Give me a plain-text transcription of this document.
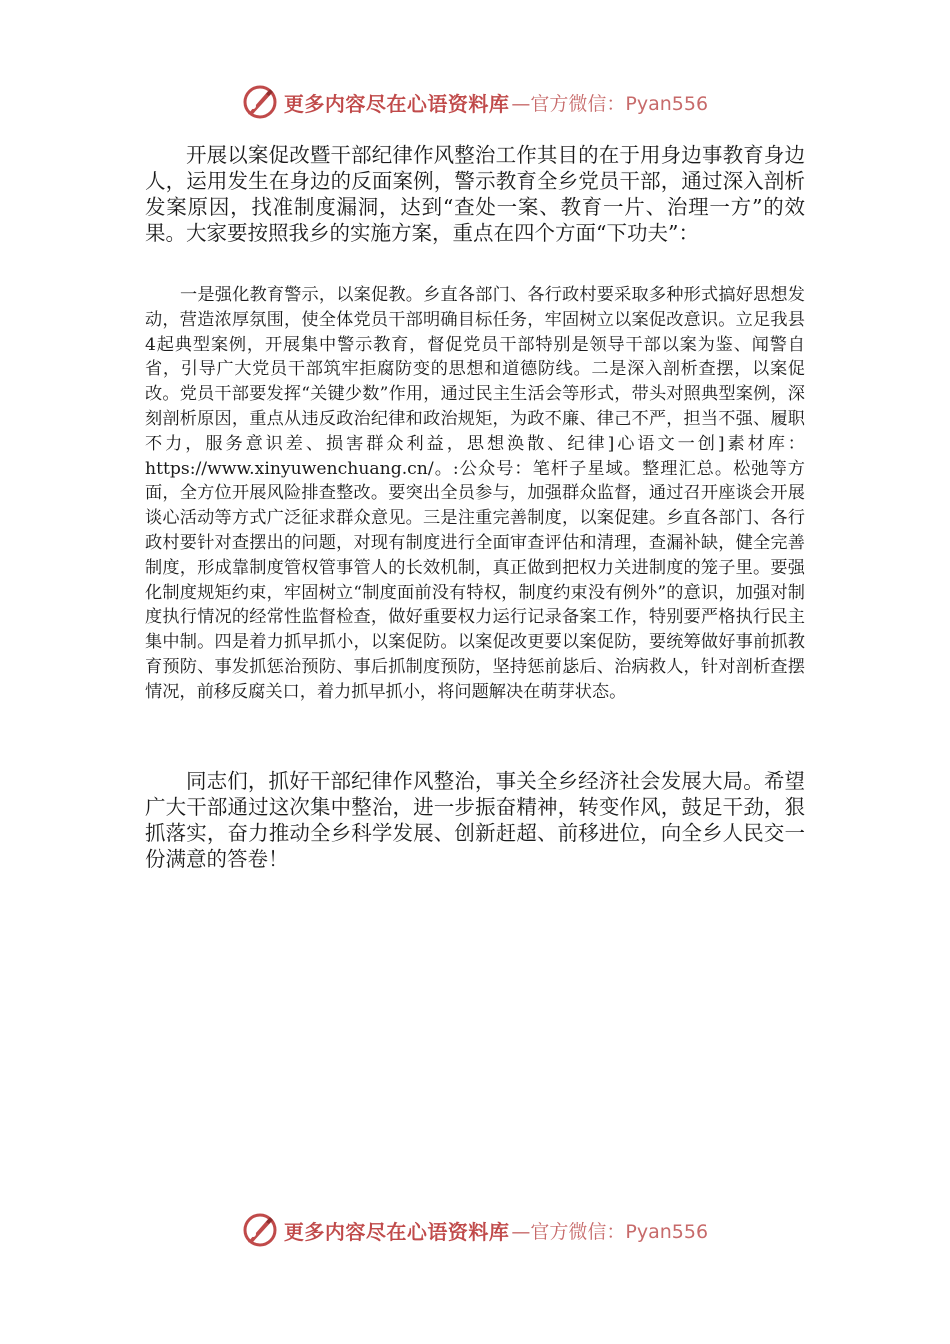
更多内容尽在心语资料库 —官方微信：Pyan556

开展以案促改暨干部纪律作风整治工作其目的在于用身边事教育身边人，运用发生在身边的反面案例，警示教育全乡党员干部，通过深入剖析发案原因，找准制度漏洞，达到“查处一案、教育一片、治理一方”的效果。大家要按照我乡的实施方案，重点在四个方面“下功夫”：

一是强化教育警示，以案促教。乡直各部门、各行政村要采取多种形式搞好思想发动，营造浓厚氛围，使全体党员干部明确目标任务，牢固树立以案促改意识。立足我县4起典型案例，开展集中警示教育，督促党员干部特别是领导干部以案为鉴、闻警自省，引导广大党员干部筑牢拒腐防变的思想和道德防线。二是深入剖析查摆，以案促改。党员干部要发挥“关键少数”作用，通过民主生活会等形式，带头对照典型案例，深刻剖析原因，重点从违反政治纪律和政治规矩，为政不廉、律己不严，担当不强、履职不力，服务意识差、损害群众利益，思想涣散、纪律]心语文一创]素材库：https://www.xinyuwenchuang.cn/。:公众号：笔杆子星域。整理汇总。松弛等方面，全方位开展风险排查整改。要突出全员参与，加强群众监督，通过召开座谈会开展谈心活动等方式广泛征求群众意见。三是注重完善制度，以案促建。乡直各部门、各行政村要针对查摆出的问题，对现有制度进行全面审查评估和清理，查漏补缺，健全完善制度，形成靠制度管权管事管人的长效机制，真正做到把权力关进制度的笼子里。要强化制度规矩约束，牢固树立“制度面前没有特权，制度约束没有例外”的意识，加强对制度执行情况的经常性监督检查，做好重要权力运行记录备案工作，特别要严格执行民主集中制。四是着力抓早抓小，以案促防。以案促改更要以案促防，要统筹做好事前抓教育预防、事发抓惩治预防、事后抓制度预防，坚持惩前毖后、治病救人，针对剖析查摆情况，前移反腐关口，着力抓早抓小，将问题解决在萌芽状态。

同志们，抓好干部纪律作风整治，事关全乡经济社会发展大局。希望广大干部通过这次集中整治，进一步振奋精神，转变作风，鼓足干劲，狠抓落实，奋力推动全乡科学发展、创新赶超、前移进位，向全乡人民交一份满意的答卷！

更多内容尽在心语资料库 —官方微信：Pyan556
